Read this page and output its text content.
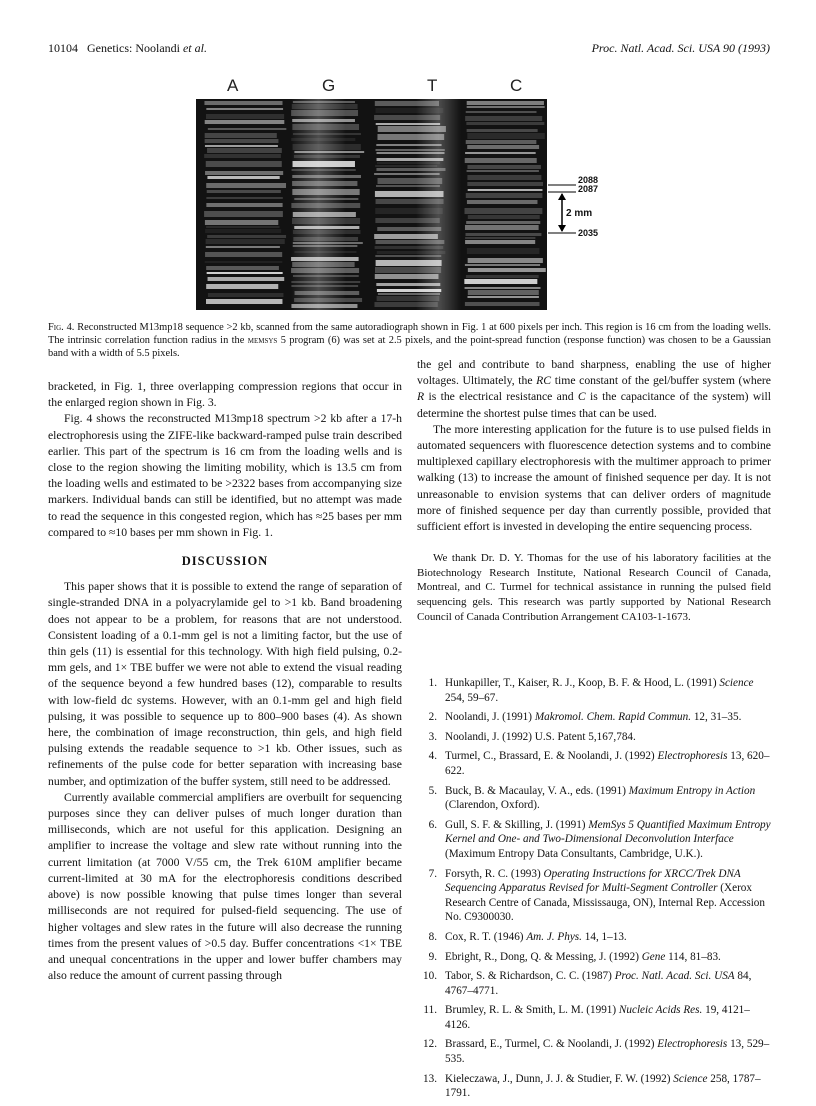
10104 Genetics: Noolandi et al.	Proc. Natl. Acad. Sci. USA 90 (1993)
A	G	T	C
2088
2087
2035
2 mm
Fig. 4. Reconstructed M13mp18 sequence >2 kb, scanned from the same autoradiograph shown in Fig. 1 at 600 pixels per inch. This region is 16 cm from the loading wells. The intrinsic correlation function radius in the memsys 5 program (6) was set at 2.5 pixels, and the point-spread function (response function) was chosen to be a Gaussian band with a width of 5.5 pixels.

bracketed, in Fig. 1, three overlapping compression regions that occur in the enlarged region shown in Fig. 3.

Fig. 4 shows the reconstructed M13mp18 spectrum >2 kb after a 17-h electrophoresis using the ZIFE-like backward-ramped pulse train described earlier. This part of the spectrum is 16 cm from the loading wells and is close to the region showing the limiting mobility, which is 13.5 cm from the loading wells and estimated to be >2322 bases from accompanying size markers. Individual bands can still be identified, but no attempt was made to read the sequence in this congested region, which has ≈25 bases per mm compared to ≈10 bases per mm shown in Fig. 1.

DISCUSSION

This paper shows that it is possible to extend the range of separation of single-stranded DNA in a polyacrylamide gel to >1 kb. Band broadening does not appear to be a problem, for reasons that are not understood. Consistent loading of a 0.1-mm gel is not a limiting factor, but the use of thin gels (11) is essential for this technology. With high field pulsing, 0.2-mm gels, and 1× TBE buffer we were not able to extend the visual reading of the sequence beyond a few hundred bases (12), comparable to results with low-field dc systems. However, with an 0.1-mm gel and high field pulsing, it was possible to sequence up to 800–900 bases (4). As shown here, the combination of image reconstruction, thin gels, and high field pulsing extends the readable sequence to >1 kb. Other issues, such as refinements of the pulse code for better separation with increasing base number, and optimization of the buffer system, still need to be addressed.

Currently available commercial amplifiers are overbuilt for sequencing purposes since they can deliver pulses of much longer duration than milliseconds, which are not useful for this application. Designing an amplifier to increase the voltage and slew rate without running into the current limitation (at 7000 V/55 cm, the Trek 610M amplifier became current-limited at 30 mA for the electrophoresis conditions described above) is now possible knowing that pulse times longer than several milliseconds are not required for pulsed-field sequencing. The use of higher voltages and slew rates in the future will also decrease the running times from the present values of >0.5 day. Buffer concentrations <1× TBE and unequal concentrations in the upper and lower buffer chambers may also reduce the amount of current passing through

the gel and contribute to band sharpness, enabling the use of higher voltages. Ultimately, the RC time constant of the gel/buffer system (where R is the electrical resistance and C is the capacitance of the system) will determine the shortest pulse times that can be used.

The more interesting application for the future is to use pulsed fields in automated sequencers with fluorescence detection systems and to combine multiplexed capillary electrophoresis with the multimer approach to primer walking (13) to increase the amount of finished sequence per day. It is not unreasonable to envision systems that can deliver orders of magnitude more of finished sequence per day than currently possible, provided that sufficient effort is invested in developing the entire sequencing process.

We thank Dr. D. Y. Thomas for the use of his laboratory facilities at the Biotechnology Research Institute, National Research Council of Canada, Montreal, and C. Turmel for technical assistance in running the pulsed field sequencing gels. This research was partly supported by National Research Council of Canada Contribution Arrangement CA103-1-1673.

1. Hunkapiller, T., Kaiser, R. J., Koop, B. F. & Hood, L. (1991) Science 254, 59–67.
2. Noolandi, J. (1991) Makromol. Chem. Rapid Commun. 12, 31–35.
3. Noolandi, J. (1992) U.S. Patent 5,167,784.
4. Turmel, C., Brassard, E. & Noolandi, J. (1992) Electrophoresis 13, 620–622.
5. Buck, B. & Macaulay, V. A., eds. (1991) Maximum Entropy in Action (Clarendon, Oxford).
6. Gull, S. F. & Skilling, J. (1991) MemSys 5 Quantified Maximum Entropy Kernel and One- and Two-Dimensional Deconvolution Interface (Maximum Entropy Data Consultants, Cambridge, U.K.).
7. Forsyth, R. C. (1993) Operating Instructions for XRCC/Trek DNA Sequencing Apparatus Revised for Multi-Segment Controller (Xerox Research Centre of Canada, Mississauga, ON), Internal Rep. Accession No. C9300030.
8. Cox, R. T. (1946) Am. J. Phys. 14, 1–13.
9. Ebright, R., Dong, Q. & Messing, J. (1992) Gene 114, 81–83.
10. Tabor, S. & Richardson, C. C. (1987) Proc. Natl. Acad. Sci. USA 84, 4767–4771.
11. Brumley, R. L. & Smith, L. M. (1991) Nucleic Acids Res. 19, 4121–4126.
12. Brassard, E., Turmel, C. & Noolandi, J. (1992) Electrophoresis 13, 529–535.
13. Kieleczawa, J., Dunn, J. J. & Studier, F. W. (1992) Science 258, 1787–1791.
